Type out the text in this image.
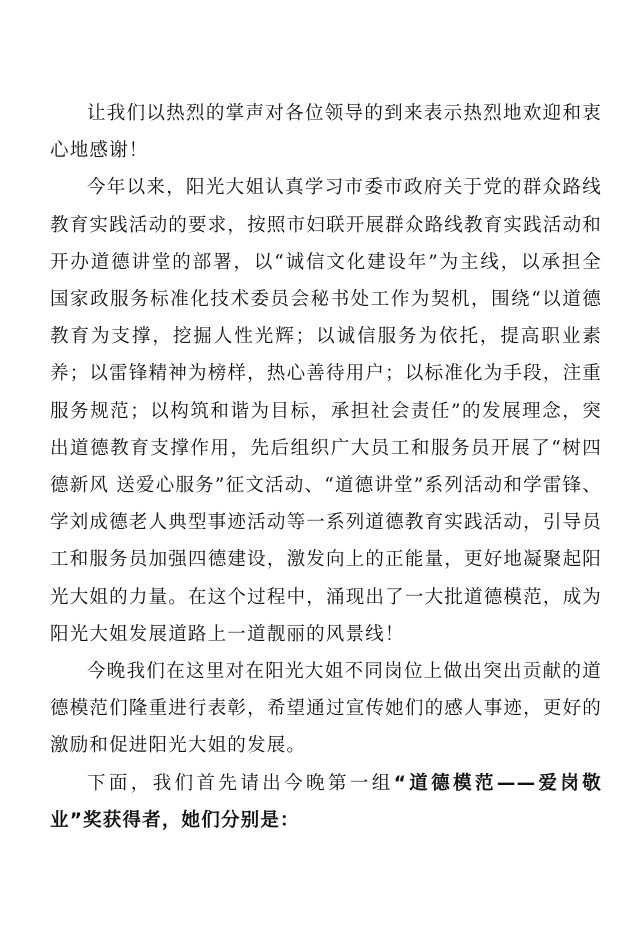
让我们以热烈的掌声对各位领导的到来表示热烈地欢迎和衷心地感谢！

今年以来，阳光大姐认真学习市委市政府关于党的群众路线教育实践活动的要求，按照市妇联开展群众路线教育实践活动和开办道德讲堂的部署，以“诚信文化建设年”为主线，以承担全国家政服务标准化技术委员会秘书处工作为契机，围绕“以道德教育为支撑，挖掘人性光辉；以诚信服务为依托，提高职业素养；以雷锋精神为榜样，热心善待用户；以标准化为手段，注重服务规范；以构筑和谐为目标，承担社会责任”的发展理念，突出道德教育支撑作用，先后组织广大员工和服务员开展了“树四德新风 送爱心服务”征文活动、“道德讲堂”系列活动和学雷锋、学刘成德老人典型事迹活动等一系列道德教育实践活动，引导员工和服务员加强四德建设，激发向上的正能量，更好地凝聚起阳光大姐的力量。在这个过程中，涌现出了一大批道德模范，成为阳光大姐发展道路上一道靓丽的风景线！

今晚我们在这里对在阳光大姐不同岗位上做出突出贡献的道德模范们隆重进行表彰，希望通过宣传她们的感人事迹，更好的激励和促进阳光大姐的发展。

下面，我们首先请出今晚第一组“道德模范——爱岗敬业”奖获得者，她们分别是：
